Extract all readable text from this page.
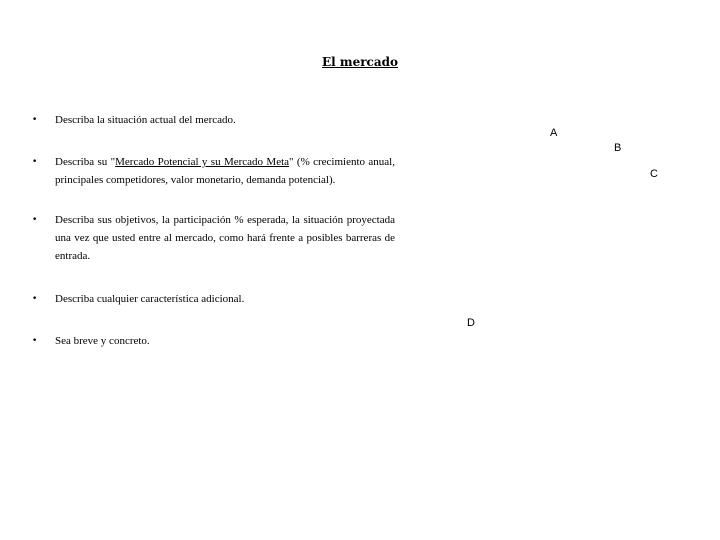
El mercado
• Describa la situación actual del mercado.
• Describa su "Mercado Potencial y su Mercado Meta" (% crecimiento anual, principales competidores, valor monetario, demanda potencial).
• Describa sus objetivos, la participación % esperada, la situación proyectada una vez que usted entre al mercado, como hará frente a posibles barreras de entrada.
• Describa cualquier característica adicional.
• Sea breve y concreto.
A
B
C
D
